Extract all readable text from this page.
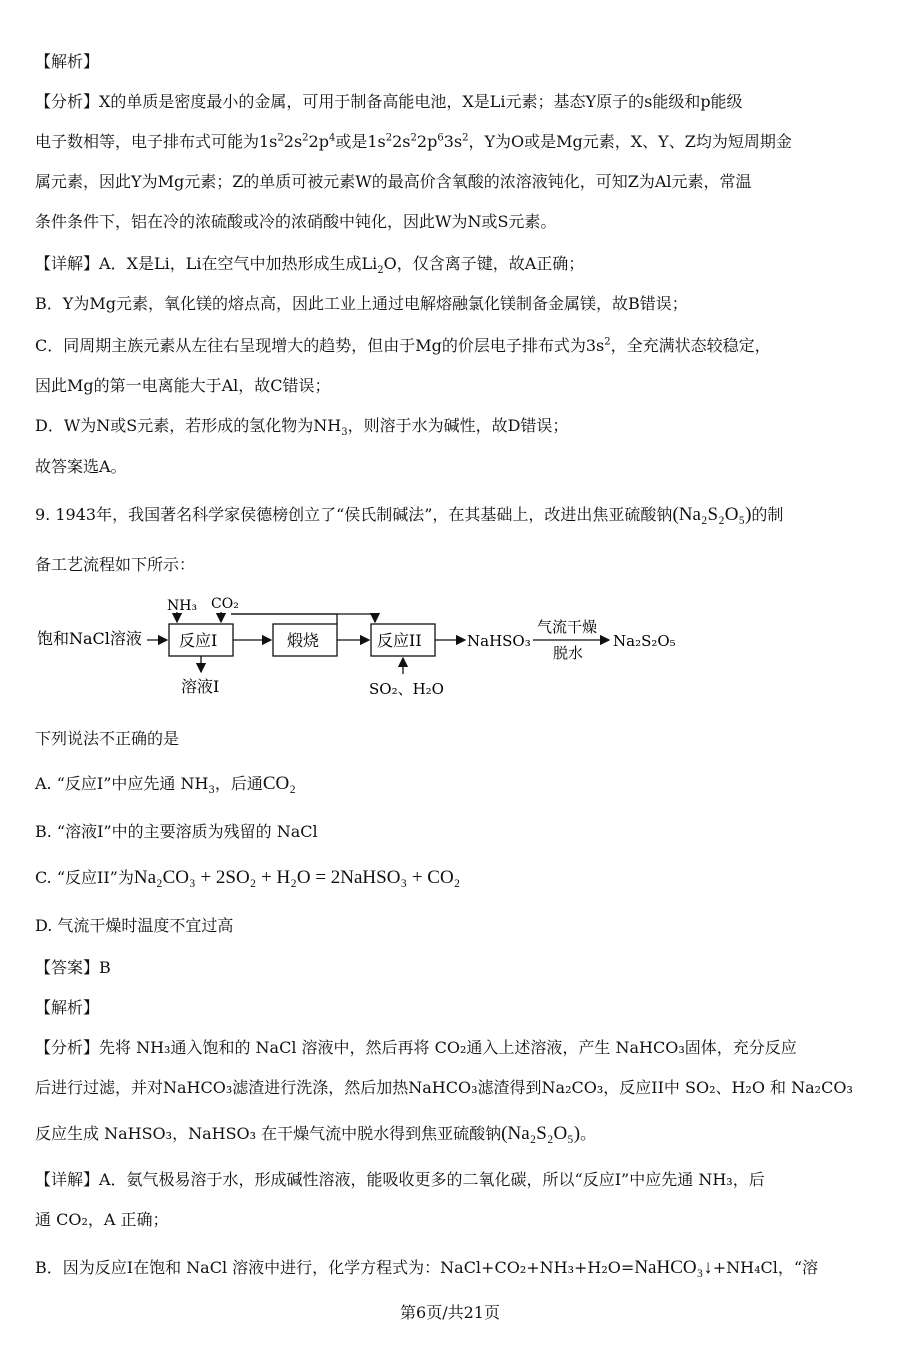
【解析】
【分析】X的单质是密度最小的金属，可用于制备高能电池，X是Li元素；基态Y原子的s能级和p能级
电子数相等，电子排布式可能为$1s^22s^22p^4$或是$1s^22s^22p^63s^2$，Y为O或是Mg元素，X、Y、Z均为短周期金
属元素，因此Y为Mg元素；Z的单质可被元素W的最高价含氧酸的浓溶液钝化，可知Z为Al元素，常温
条件条件下，铝在冷的浓硫酸或冷的浓硝酸中钝化，因此W为N或S元素。
【详解】A．X是Li，Li在空气中加热形成生成$Li_2O$，仅含离子键，故A正确；
B．Y为Mg元素，氧化镁的熔点高，因此工业上通过电解熔融氯化镁制备金属镁，故B错误；
C．同周期主族元素从左往右呈现增大的趋势，但由于Mg的价层电子排布式为$3s^2$，全充满状态较稳定，
因此Mg的第一电离能大于Al，故C错误；
D．W为N或S元素，若形成的氢化物为$NH_3$，则溶于水为碱性，故D错误；
故答案选A。
9. 1943年，我国著名科学家侯德榜创立了“侯氏制碱法”，在其基础上，改进出焦亚硫酸钠(Na₂S₂O₅)的制
备工艺流程如下所示：
饱和NaCl溶液 反应I
NH₃ CO₂
煅烧	反应II
溶液I	SO₂、H₂O
NaHSO₃
气流干燥
脱水
Na₂S₂O₅
下列说法不正确的是
A. “反应I”中应先通 $NH_3$，后通CO₂
B. “溶液I”中的主要溶质为残留的 NaCl
C. “反应II”为Na₂CO₃ + 2SO₂ + H₂O = 2NaHSO₃ + CO₂
D. 气流干燥时温度不宜过高
【答案】B
【解析】
【分析】先将 NH₃通入饱和的 NaCl 溶液中，然后再将 CO₂通入上述溶液，产生 NaHCO₃固体，充分反应
后进行过滤，并对NaHCO₃滤渣进行洗涤，然后加热NaHCO₃滤渣得到Na₂CO₃，反应II中 SO₂、H₂O 和 Na₂CO₃
反应生成 NaHSO₃，NaHSO₃ 在干燥气流中脱水得到焦亚硫酸钠(Na₂S₂O₅)。
【详解】A．氨气极易溶于水，形成碱性溶液，能吸收更多的二氧化碳，所以“反应I”中应先通 NH₃，后
通 CO₂，A 正确；
B．因为反应I在饱和 NaCl 溶液中进行，化学方程式为：NaCl+CO₂+NH₃+H₂O=NaHCO₃↓+NH₄Cl，“溶
第6页/共21页
